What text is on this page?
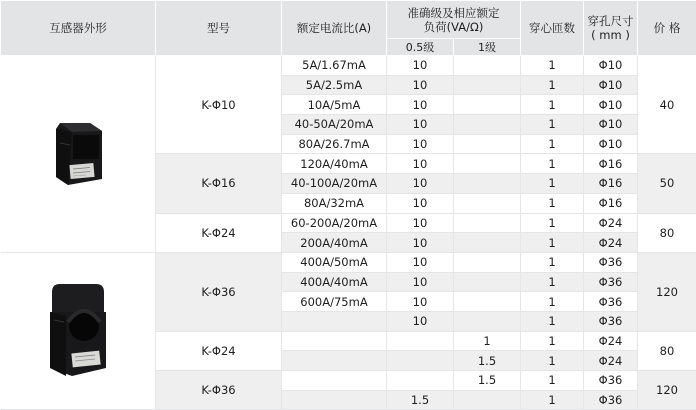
互感器外形	型号	额定电流比(A)	准确级及相应额定
负荷(VA/Ω)		穿心匝数	穿孔尺寸
( mm )	价 格
			0.5级	1级			

	K-Φ10	5A/1.67mA	10		1	Φ10	40
		5A/2.5mA	10		1	Φ10	
		10A/5mA	10		1	Φ10	
		40-50A/20mA	10		1	Φ10	
		80A/26.7mA	10		1	Φ10	
	K-Φ16	120A/40mA	10		1	Φ16	50
		40-100A/20mA	10		1	Φ16	
		80A/32mA	10		1	Φ16	
	K-Φ24	60-200A/20mA	10		1	Φ24	80
		200A/40mA	10		1	Φ24	

	K-Φ36	400A/50mA	10		1	Φ36	120
		400A/40mA	10		1	Φ36	
		600A/75mA	10		1	Φ36	
			10		1	Φ36	
	K-Φ24			1	1	Φ24	80
				1.5	1	Φ24	
	K-Φ36			1.5	1	Φ36	120
			1.5		1	Φ36	
